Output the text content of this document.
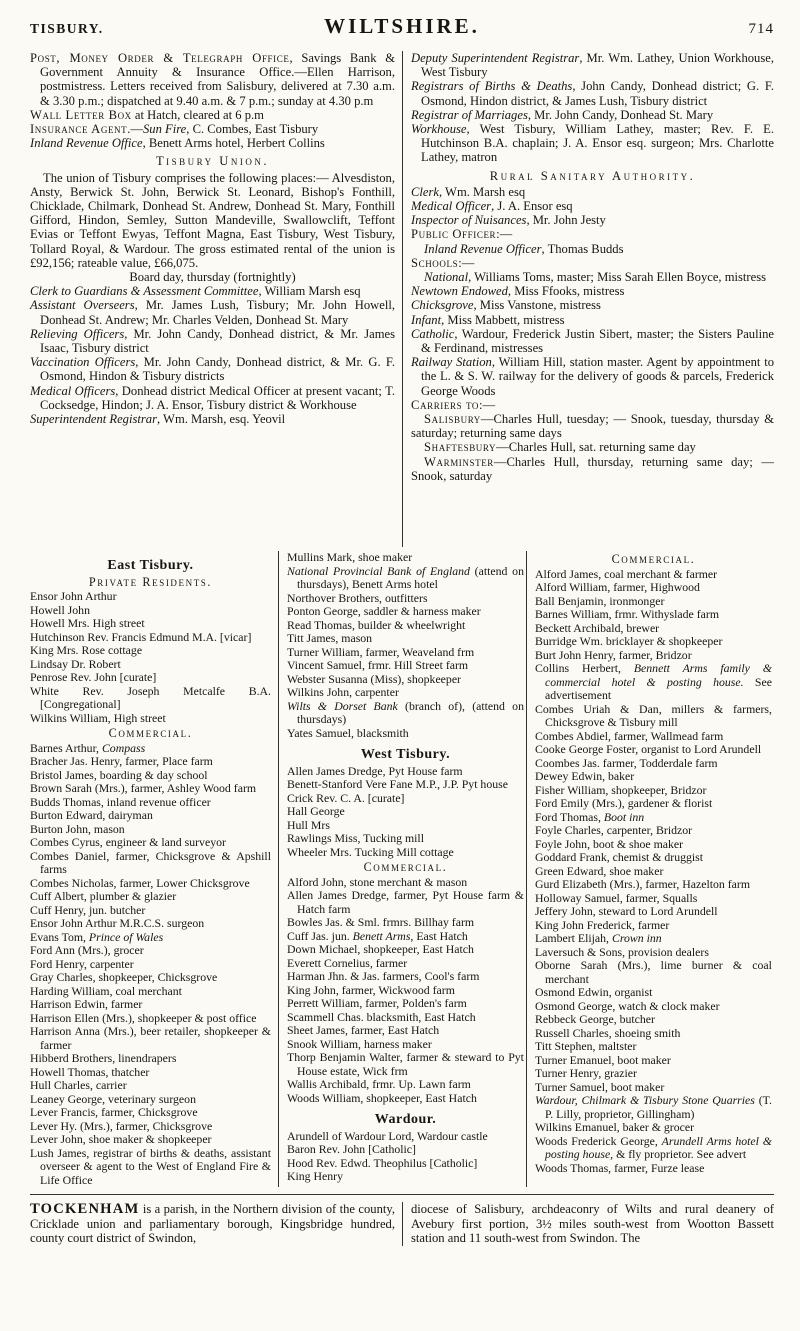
TISBURY.	WILTSHIRE.	714
Post, Money Order & Telegraph Office, Savings Bank & Government Annuity & Insurance Office.—Ellen Harrison, postmistress. Letters received from Salisbury, delivered at 7.30 a.m. & 3.30 p.m.; dispatched at 9.40 a.m. & 7 p.m.; sunday at 4.30 p.m
Wall Letter Box at Hatch, cleared at 6 p.m
Insurance Agent.—Sun Fire, C. Combes, East Tisbury
Inland Revenue Office, Benett Arms hotel, Herbert Collins
Tisbury Union.
The union of Tisbury comprises the following places:— Alvesdiston, Ansty, Berwick St. John, Berwick St. Leonard, Bishop's Fonthill, Chicklade, Chilmark, Donhead St. Andrew, Donhead St. Mary, Fonthill Gifford, Hindon, Semley, Sutton Mandeville, Swallowclift, Teffont Evias or Teffont Ewyas, Teffont Magna, East Tisbury, West Tisbury, Tollard Royal, & Wardour. The gross estimated rental of the union is £92,156; rateable value, £66,075.
Board day, thursday (fortnightly)
Clerk to Guardians & Assessment Committee, William Marsh esq
Assistant Overseers, Mr. James Lush, Tisbury; Mr. John Howell, Donhead St. Andrew; Mr. Charles Velden, Donhead St. Mary
Relieving Officers, Mr. John Candy, Donhead district, & Mr. James Isaac, Tisbury district
Vaccination Officers, Mr. John Candy, Donhead district, & Mr. G. F. Osmond, Hindon & Tisbury districts
Medical Officers, Donhead district Medical Officer at present vacant; T. Cocksedge, Hindon; J. A. Ensor, Tisbury district & Workhouse
Superintendent Registrar, Wm. Marsh, esq. Yeovil
Deputy Superintendent Registrar, Mr. Wm. Lathey, Union Workhouse, West Tisbury
Registrars of Births & Deaths, John Candy, Donhead district; G. F. Osmond, Hindon district, & James Lush, Tisbury district
Registrar of Marriages, Mr. John Candy, Donhead St. Mary
Workhouse, West Tisbury, William Lathey, master; Rev. F. E. Hutchinson B.A. chaplain; J. A. Ensor esq. surgeon; Mrs. Charlotte Lathey, matron
Rural Sanitary Authority.
Clerk, Wm. Marsh esq
Medical Officer, J. A. Ensor esq
Inspector of Nuisances, Mr. John Jesty
Public Officer:—
Inland Revenue Officer, Thomas Budds
Schools:—
National, Williams Toms, master; Miss Sarah Ellen Boyce, mistress
Newtown Endowed, Miss Ffooks, mistress
Chicksgrove, Miss Vanstone, mistress
Infant, Miss Mabbett, mistress
Catholic, Wardour, Frederick Justin Sibert, master; the Sisters Pauline & Ferdinand, mistresses
Railway Station, William Hill, station master. Agent by appointment to the L. & S. W. railway for the delivery of goods & parcels, Frederick George Woods
Carriers to:—
Salisbury—Charles Hull, tuesday; — Snook, tuesday, thursday & saturday; returning same days
Shaftesbury—Charles Hull, sat. returning same day
Warminster—Charles Hull, thursday, returning same day; — Snook, saturday
East Tisbury.
Private Residents.
Ensor John Arthur
Howell John
Howell Mrs. High street
Hutchinson Rev. Francis Edmund M.A. [vicar]
King Mrs. Rose cottage
Lindsay Dr. Robert
Penrose Rev. John [curate]
White Rev. Joseph Metcalfe B.A. [Congregational]
Wilkins William, High street
Commercial.
Barnes Arthur, Compass
Bracher Jas. Henry, farmer, Place farm
Bristol James, boarding & day school
Brown Sarah (Mrs.), farmer, Ashley Wood farm
Budds Thomas, inland revenue officer
Burton Edward, dairyman
Burton John, mason
Combes Cyrus, engineer & land surveyor
Combes Daniel, farmer, Chicksgrove & Apshill farms
Combes Nicholas, farmer, Lower Chicksgrove
Cuff Albert, plumber & glazier
Cuff Henry, jun. butcher
Ensor John Arthur M.R.C.S. surgeon
Evans Tom, Prince of Wales
Ford Ann (Mrs.), grocer
Ford Henry, carpenter
Gray Charles, shopkeeper, Chicksgrove
Harding William, coal merchant
Harrison Edwin, farmer
Harrison Ellen (Mrs.), shopkeeper & post office
Harrison Anna (Mrs.), beer retailer, shopkeeper & farmer
Hibberd Brothers, linendrapers
Howell Thomas, thatcher
Hull Charles, carrier
Leaney George, veterinary surgeon
Lever Francis, farmer, Chicksgrove
Lever Hy. (Mrs.), farmer, Chicksgrove
Lever John, shoe maker & shopkeeper
Lush James, registrar of births & deaths, assistant overseer & agent to the West of England Fire & Life Office
Mullins Mark, shoe maker
National Provincial Bank of England (attend on thursdays), Benett Arms hotel
Northover Brothers, outfitters
Ponton George, saddler & harness maker
Read Thomas, builder & wheelwright
Titt James, mason
Turner William, farmer, Weaveland frm
Vincent Samuel, frmr. Hill Street farm
Webster Susanna (Miss), shopkeeper
Wilkins John, carpenter
Wilts & Dorset Bank (branch of), (attend on thursdays)
Yates Samuel, blacksmith
West Tisbury.
Allen James Dredge, Pyt House farm
Benett-Stanford Vere Fane M.P., J.P. Pyt house
Crick Rev. C. A. [curate]
Hall George
Hull Mrs
Rawlings Miss, Tucking mill
Wheeler Mrs. Tucking Mill cottage
Commercial.
Alford John, stone merchant & mason
Allen James Dredge, farmer, Pyt House farm & Hatch farm
Bowles Jas. & Sml. frmrs. Billhay farm
Cuff Jas. jun. Benett Arms, East Hatch
Down Michael, shopkeeper, East Hatch
Everett Cornelius, farmer
Harman Jhn. & Jas. farmers, Cool's farm
King John, farmer, Wickwood farm
Perrett William, farmer, Polden's farm
Scammell Chas. blacksmith, East Hatch
Sheet James, farmer, East Hatch
Snook William, harness maker
Thorp Benjamin Walter, farmer & steward to Pyt House estate, Wick frm
Wallis Archibald, frmr. Up. Lawn farm
Woods William, shopkeeper, East Hatch
Wardour.
Arundell of Wardour Lord, Wardour castle
Baron Rev. John [Catholic]
Hood Rev. Edwd. Theophilus [Catholic]
King Henry
Commercial.
Alford James, coal merchant & farmer
Alford William, farmer, Highwood
Ball Benjamin, ironmonger
Barnes William, frmr. Withyslade farm
Beckett Archibald, brewer
Burridge Wm. bricklayer & shopkeeper
Burt John Henry, farmer, Bridzor
Collins Herbert, Bennett Arms family & commercial hotel & posting house. See advertisement
Combes Uriah & Dan, millers & farmers, Chicksgrove & Tisbury mill
Combes Abdiel, farmer, Wallmead farm
Cooke George Foster, organist to Lord Arundell
Coombes Jas. farmer, Todderdale farm
Dewey Edwin, baker
Fisher William, shopkeeper, Bridzor
Ford Emily (Mrs.), gardener & florist
Ford Thomas, Boot inn
Foyle Charles, carpenter, Bridzor
Foyle John, boot & shoe maker
Goddard Frank, chemist & druggist
Green Edward, shoe maker
Gurd Elizabeth (Mrs.), farmer, Hazelton farm
Holloway Samuel, farmer, Squalls
Jeffery John, steward to Lord Arundell
King John Frederick, farmer
Lambert Elijah, Crown inn
Laversuch & Sons, provision dealers
Oborne Sarah (Mrs.), lime burner & coal merchant
Osmond Edwin, organist
Osmond George, watch & clock maker
Rebbeck George, butcher
Russell Charles, shoeing smith
Titt Stephen, maltster
Turner Emanuel, boot maker
Turner Henry, grazier
Turner Samuel, boot maker
Wardour, Chilmark & Tisbury Stone Quarries (T. P. Lilly, proprietor, Gillingham)
Wilkins Emanuel, baker & grocer
Woods Frederick George, Arundell Arms hotel & posting house, & fly proprietor. See advert
Woods Thomas, farmer, Furze lease
TOCKENHAM is a parish, in the Northern division of the county, Cricklade union and parliamentary borough, Kingsbridge hundred, county court district of Swindon,
diocese of Salisbury, archdeaconry of Wilts and rural deanery of Avebury first portion, 3½ miles south-west from Wootton Bassett station and 11 south-west from Swindon. The
